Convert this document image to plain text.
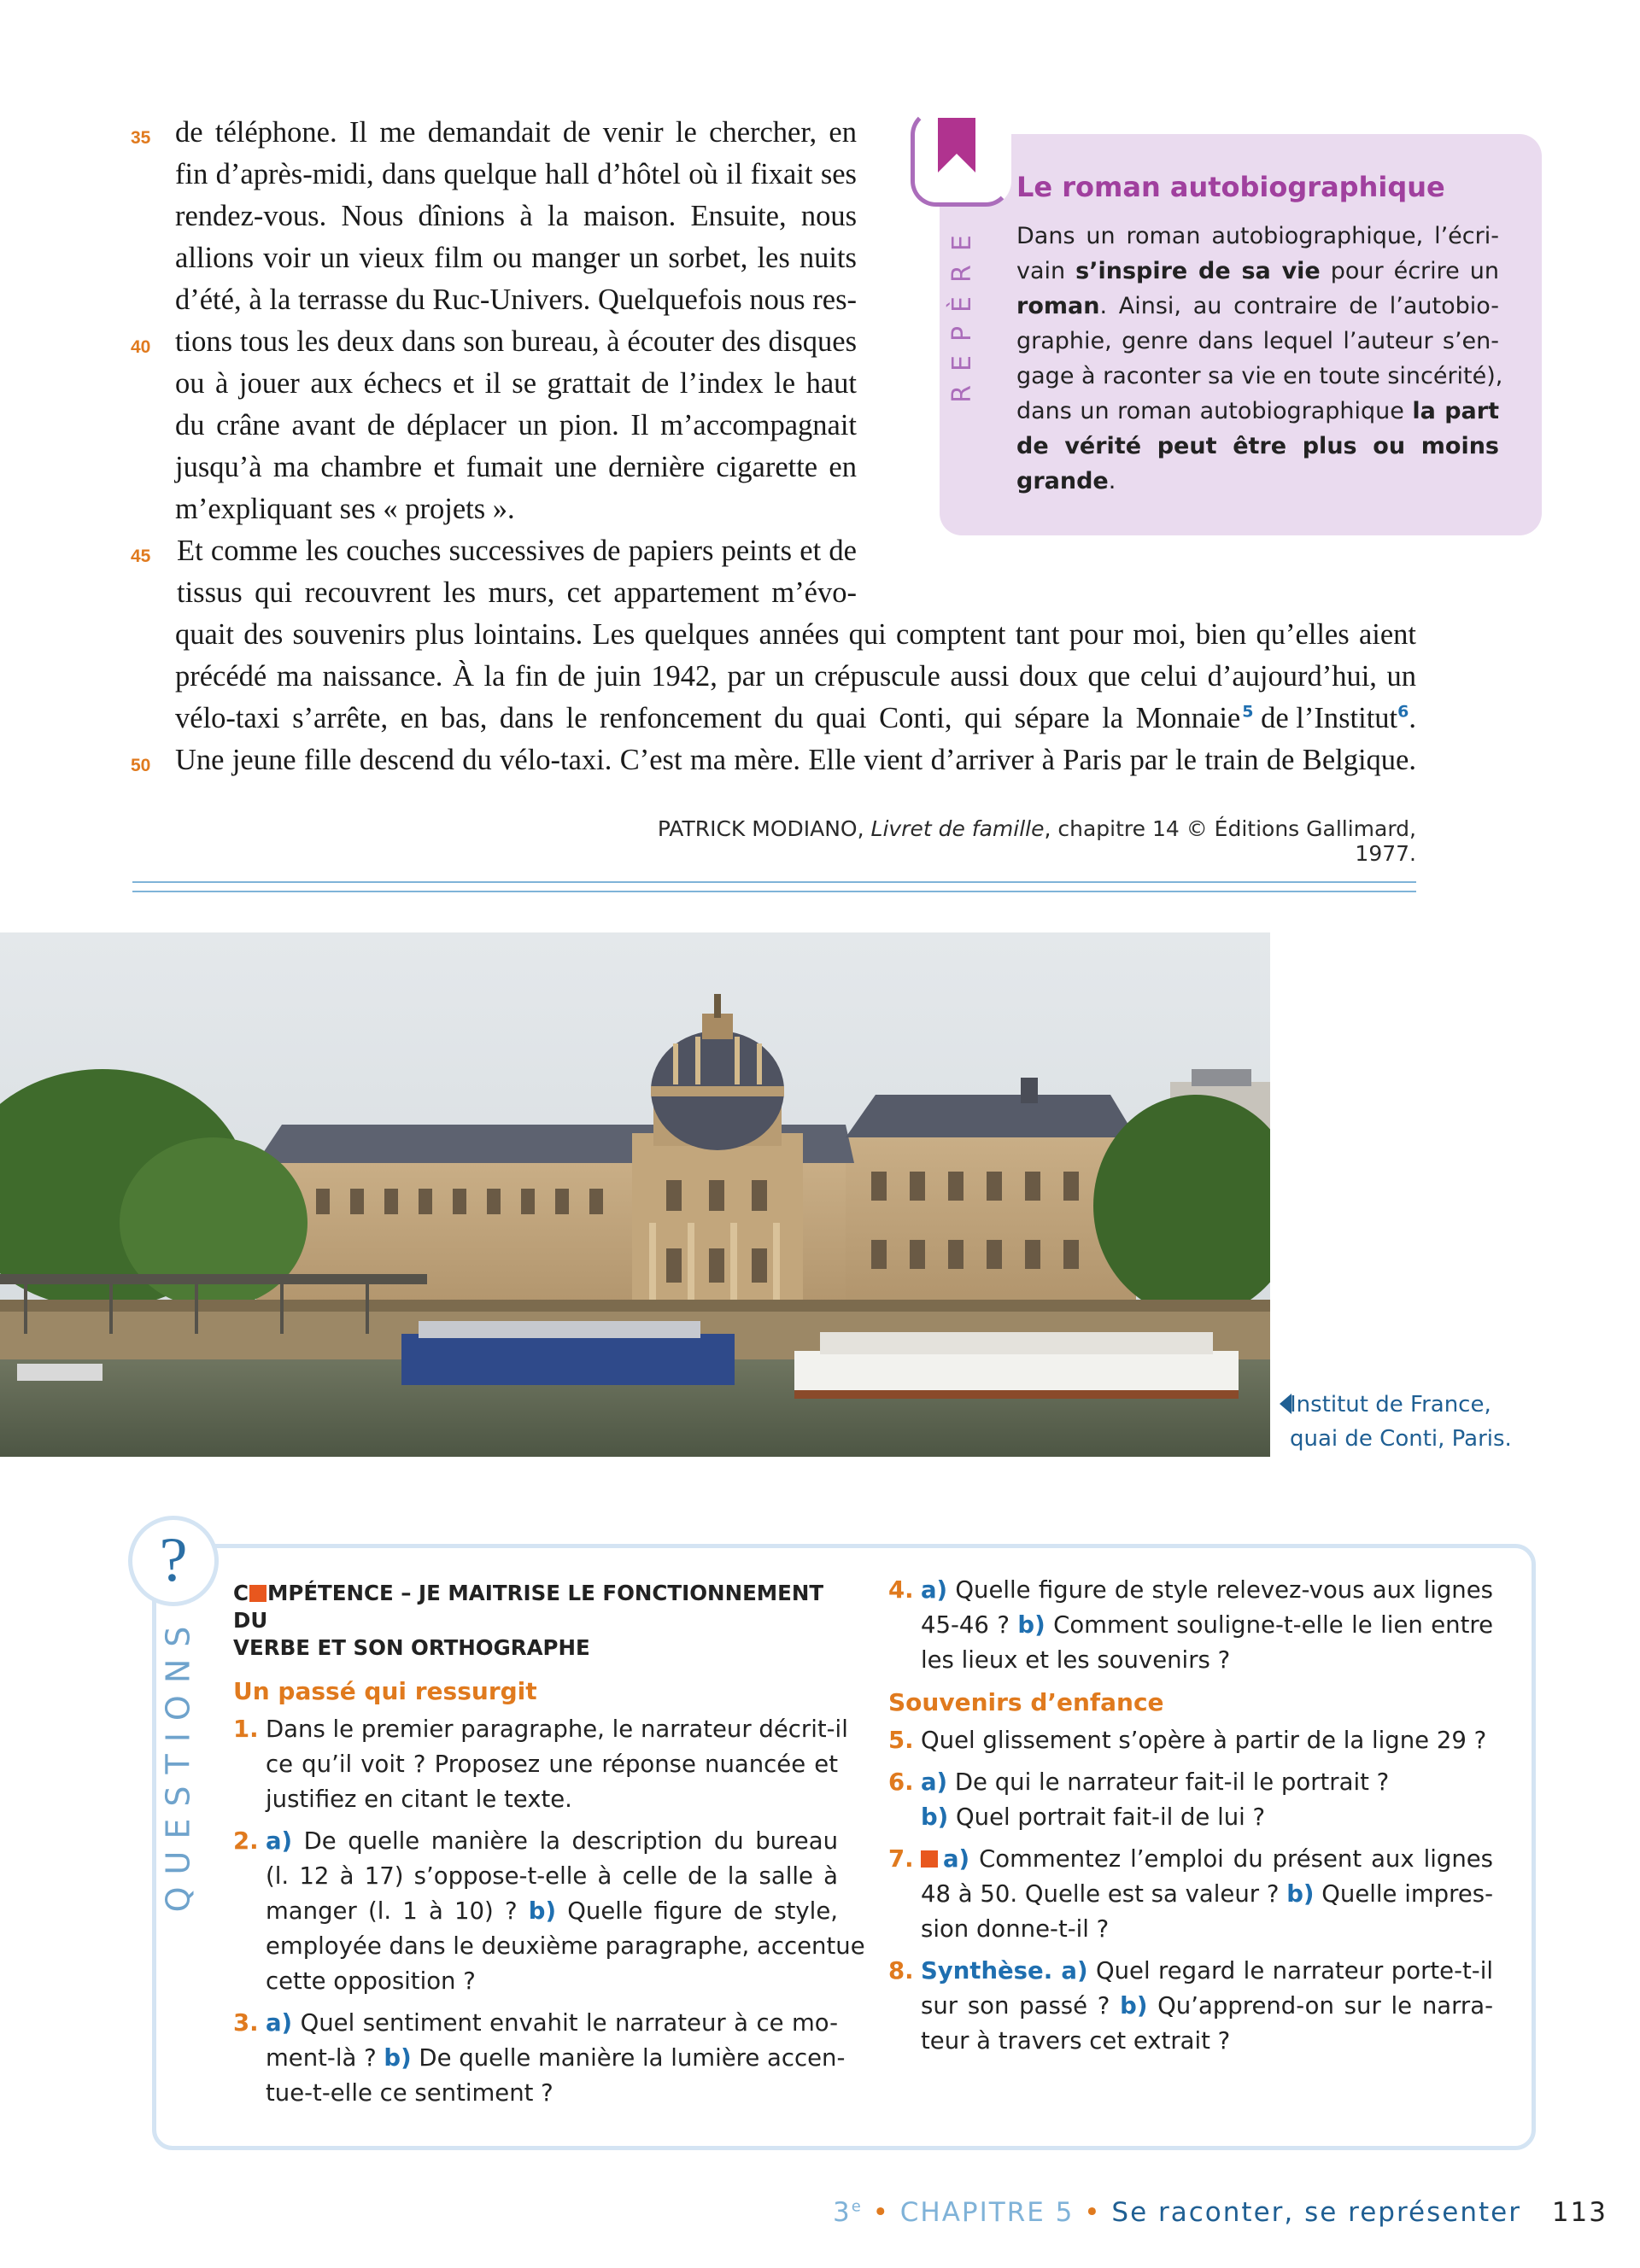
35 de téléphone. Il me demandait de venir le chercher, en
fin d’après-midi, dans quelque hall d’hôtel où il fixait ses
rendez-vous. Nous dînions à la maison. Ensuite, nous
allions voir un vieux film ou manger un sorbet, les nuits
d’été, à la terrasse du Ruc-Univers. Quelquefois nous res-
40 tions tous les deux dans son bureau, à écouter des disques
ou à jouer aux échecs et il se grattait de l’index le haut
du crâne avant de déplacer un pion. Il m’accompagnait
jusqu’à ma chambre et fumait une dernière cigarette en
m’expliquant ses « projets ».
45 Et comme les couches successives de papiers peints et de
tissus qui recouvrent les murs, cet appartement m’évo-
quait des souvenirs plus lointains. Les quelques années qui comptent tant pour moi, bien qu’elles aient
précédé ma naissance. À la fin de juin 1942, par un crépuscule aussi doux que celui d’aujourd’hui, un
vélo-taxi s’arrête, en bas, dans le renfoncement du quai Conti, qui sépare la Monnaie $^5$ de l’Institut$^6$.
50 Une jeune fille descend du vélo-taxi. C’est ma mère. Elle vient d’arriver à Paris par le train de Belgique.
PATRICK MODIANO, Livret de famille, chapitre 14 © Éditions Gallimard, 1977.
REPÈRE
Le roman autobiographique
Dans un roman autobiographique, l’écri-
vain s’inspire de sa vie pour écrire un
roman. Ainsi, au contraire de l’autobio-
graphie, genre dans lequel l’auteur s’en-
gage à raconter sa vie en toute sincérité),
dans un roman autobiographique la part
de vérité peut être plus ou moins
grande.
Institut de France,
quai de Conti, Paris.
?
QUESTIONS
C MPÉTENCE – JE MAITRISE LE FONCTIONNEMENT DU
VERBE ET SON ORTHOGRAPHE
Un passé qui ressurgit
1. Dans le premier paragraphe, le narrateur décrit-il
ce qu’il voit ? Proposez une réponse nuancée et
justifiez en citant le texte.
2. a) De quelle manière la description du bureau
(l. 12 à 17) s’oppose-t-elle à celle de la salle à
manger (l. 1 à 10) ? b) Quelle figure de style,
employée dans le deuxième paragraphe, accentue
cette opposition ?
3. a) Quel sentiment envahit le narrateur à ce mo-
ment-là ? b) De quelle manière la lumière accen-
tue-t-elle ce sentiment ?
4. a) Quelle figure de style relevez-vous aux lignes
45-46 ? b) Comment souligne-t-elle le lien entre
les lieux et les souvenirs ?
Souvenirs d’enfance
5. Quel glissement s’opère à partir de la ligne 29 ?
6. a) De qui le narrateur fait-il le portrait ?
b) Quel portrait fait-il de lui ?
7.	a) Commentez l’emploi du présent aux lignes
48 à 50. Quelle est sa valeur ? b) Quelle impres-
sion donne-t-il ?
8. Synthèse. a) Quel regard le narrateur porte-t-il
sur son passé ? b) Qu’apprend-on sur le narra-
teur à travers cet extrait ?
3e • CHAPITRE 5 • Se raconter, se représenter 113
